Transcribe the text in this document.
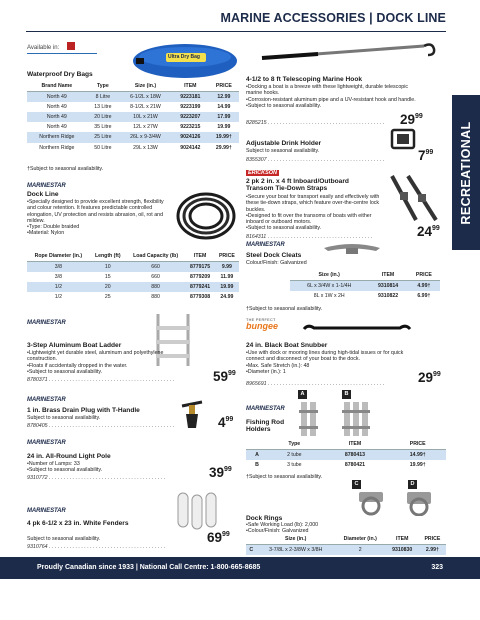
MARINE ACCESSORIES | DOCK LINE
Available in:
RECREATIONAL
Ultra Dry Bag
Waterproof Dry Bags
Brand Name	Type	Size (in.)	ITEM	PRICE
North 49	8 Litre	6-1/2L x 18W	9223181	12.99
North 49	13 Litre	8-1/2L x 21W	9223199	14.99
North 49	20 Litre	10L x 21W	9223207	17.99
North 49	35 Litre	12L x 27W	9223215	19.99
Northern Ridge	25 Litre	26L x 9-3/4W	9024126	19.99†
Northern Ridge	50 Litre	29L x 13W	9024142	29.99†
†Subject to seasonal availability.
MARINESTAR
Dock Line
•Specially designed to provide excellent strength, flexibility and colour retention. It features predictable controlled elongation, UV protection and resists abrasion, oil, rot and mildew.
•Type: Double braided
•Material: Nylon
Rope Diameter (in.)	Length (ft)	Load Capacity (lb)	ITEM	PRICE
3/8	10	660	8779175	9.99
3/8	15	660	8779209	11.99
1/2	20	880	8779241	19.99
1/2	25	880	8779308	24.99
4-1/2 to 8 ft Telescoping Marine Hook
•Docking a boat is a breeze with these lightweight, durable telescopic marine hooks.
•Corrosion-resistant aluminum pipe and a UV-resistant hook and handle.
•Subject to seasonal availability.
8285215 . . . . . . . . . . . . . . . . . . . . . . . . . . . . . . . . . . . . . . . .	$29^{99}$
Adjustable Drink Holder
Subject to seasonal availability.
8355307 . . . . . . . . . . . . . . . . . . . . . . . . . . . . . . . . . . . . . . . .	$7^{99}$
ERICKSON
2 pk 2 in. x 4 ft Inboard/Outboard Transom Tie-Down Straps
•Secure your boat for transport easily and effectively with these tie-down straps, which feature over-the-centre lock buckles.
•Designed to fit over the transoms of boats with either inboard or outboard motors.
•Subject to seasonal availability.
8164311 . . . . . . . . . . . . . . . . . . . . . . . . . . . . . . . . . . . .	$24^{99}$
MARINESTAR
Steel Dock Cleats
Colour/Finish: Galvanized
Size (in.)	ITEM	PRICE
6L x 3/4W x 1-1/4H	9310814	4.99†
8L x 1W x 2H	9310822	6.99†
†Subject to seasonal availability.
MARINESTAR
3-Step Aluminum Boat Ladder
•Lightweight yet durable steel, aluminum and polyethylene construction.
•Floats if accidentally dropped in the water.
•Subject to seasonal availability.
8780371 . . . . . . . . . . . . . . . . . . . . . . . . . . . . . . . . . . . . . . . . . . .	$59^{99}$
THE PERFECT
bungee
24 in. Black Boat Snubber
•Use with dock or mooring lines during high-tidal issues or for quick connect and disconnect of your boat to the dock.
•Max. Safe Stretch (in.): 48
•Diameter (in.): 1
8965691 . . . . . . . . . . . . . . . . . . . . . . . . . . . . . . . . . . . . . . . .	$29^{99}$
MARINESTAR
1 in. Brass Drain Plug with T-Handle
Subject to seasonal availability.
8780405 . . . . . . . . . . . . . . . . . . . . . . . . . . . . . . . . . . . . . . . . . . .	$4^{99}$
MARINESTAR
Fishing Rod Holders
A	B
	Type	ITEM	PRICE
A	2 tube	8780413	14.99†
B	3 tube	8780421	19.99†
†Subject to seasonal availability.
MARINESTAR
24 in. All-Round Light Pole
•Number of Lamps: 33
•Subject to seasonal availability.
9310772 . . . . . . . . . . . . . . . . . . . . . . . . . . . . . . . . . . . . . . . .	$39^{99}$
C	D
Dock Rings
•Safe Working Load (lb): 2,000
•Colour/Finish: Galvanized
	Size (in.)	Diameter (in.)	ITEM	PRICE
C	3-7/8L x 2-3/8W x 3/8H	2	9310830	2.99†
MARINESTAR
4 pk 6-1/2 x 23 in. White Fenders
Subject to seasonal availability.
9310764 . . . . . . . . . . . . . . . . . . . . . . . . . . . . . . . . . . . . . . . .
$69^{99}$
Proudly Canadian since 1933 | National Call Centre: 1-800-665-8685	323
